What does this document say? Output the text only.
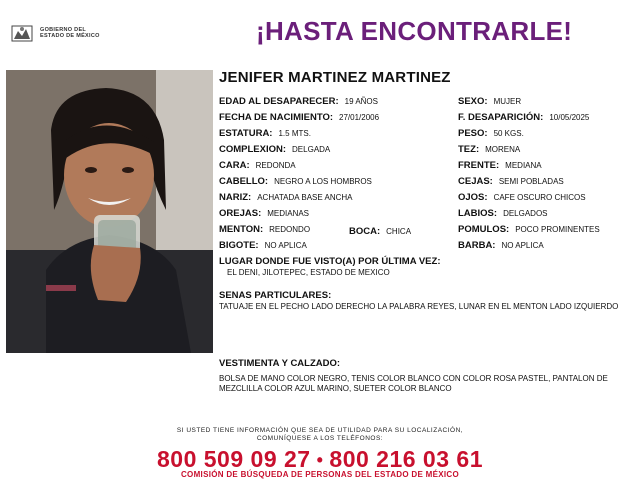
GOBIERNO DEL
ESTADO DE MÉXICO	¡HASTA ENCONTRARLE!
JENIFER MARTINEZ MARTINEZ
EDAD AL DESAPARECER: 19 AÑOS
FECHA DE NACIMIENTO: 27/01/2006
ESTATURA: 1.5 MTS.
COMPLEXION: DELGADA
CARA: REDONDA
CABELLO: NEGRO A LOS HOMBROS
NARIZ: ACHATADA BASE ANCHA
OREJAS: MEDIANAS
MENTON: REDONDO	BOCA: CHICA
BIGOTE: NO APLICA
SEXO: MUJER
F. DESAPARICIÓN: 10/05/2025
PESO: 50 KGS.
TEZ: MORENA
FRENTE: MEDIANA
CEJAS: SEMI POBLADAS
OJOS: CAFE OSCURO CHICOS
LABIOS: DELGADOS
POMULOS: POCO PROMINENTES
BARBA: NO APLICA
LUGAR DONDE FUE VISTO(A) POR ÚLTIMA VEZ:
EL DENI, JILOTEPEC, ESTADO DE MEXICO
SENAS PARTICULARES:
TATUAJE EN EL PECHO LADO DERECHO LA PALABRA REYES, LUNAR EN EL MENTON LADO IZQUIERDO
VESTIMENTA Y CALZADO:
BOLSA DE MANO COLOR NEGRO, TENIS COLOR BLANCO CON COLOR ROSA PASTEL, PANTALON DE MEZCLILLA COLOR AZUL MARINO, SUETER COLOR BLANCO
SI USTED TIENE INFORMACIÓN QUE SEA DE UTILIDAD PARA SU LOCALIZACIÓN,
COMUNÍQUESE A LOS TELÉFONOS:
800 509 09 27 • 800 216 03 61
COMISIÓN DE BÚSQUEDA DE PERSONAS DEL ESTADO DE MÉXICO
